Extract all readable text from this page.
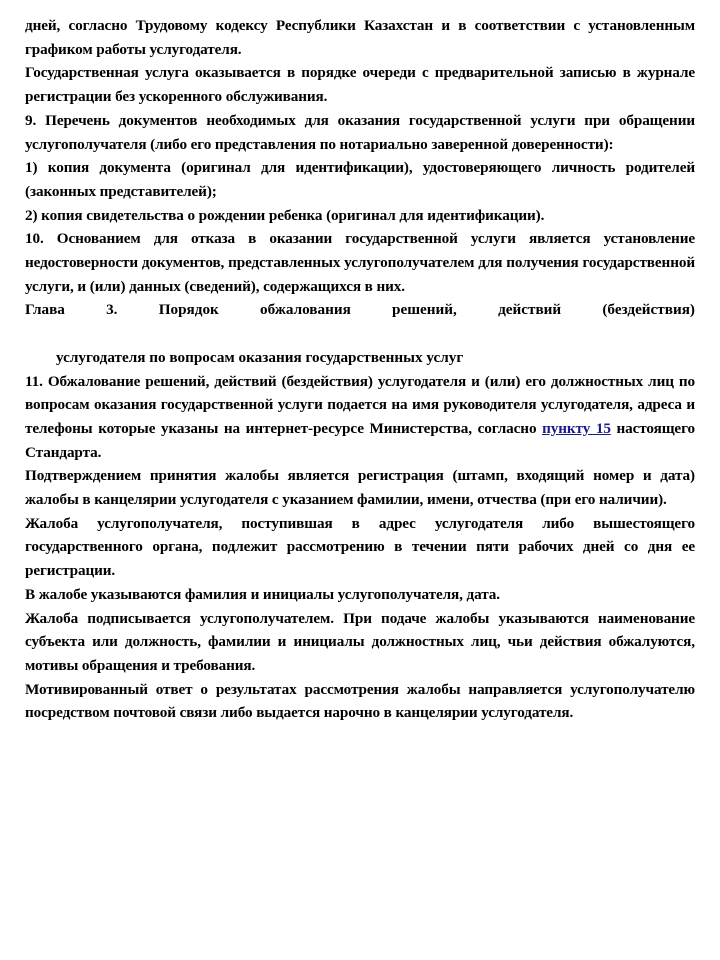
дней, согласно Трудовому кодексу Республики Казахстан и в соответствии с установленным графиком работы услугодателя.

Государственная услуга оказывается в порядке очереди с предварительной записью в журнале регистрации без ускоренного обслуживания.

9. Перечень документов необходимых для оказания государственной услуги при обращении услугополучателя (либо его представления по нотариально заверенной доверенности):

1) копия документа (оригинал для идентификации), удостоверяющего личность родителей (законных представителей);

2) копия свидетельства о рождении ребенка (оригинал для идентификации).

10. Основанием для отказа в оказании государственной услуги является установление недостоверности документов, представленных услугополучателем для получения государственной услуги, и (или) данных (сведений), содержащихся в них.

Глава 3. Порядок обжалования решений, действий (бездействия)
услугодателя по вопросам оказания государственных услуг

11. Обжалование решений, действий (бездействия) услугодателя и (или) его должностных лиц по вопросам оказания государственной услуги подается на имя руководителя услугодателя, адреса и телефоны которые указаны на интернет-ресурсе Министерства, согласно пункту 15 настоящего Стандарта.

Подтверждением принятия жалобы является регистрация (штамп, входящий номер и дата) жалобы в канцелярии услугодателя с указанием фамилии, имени, отчества (при его наличии).

Жалоба услугополучателя, поступившая в адрес услугодателя либо вышестоящего государственного органа, подлежит рассмотрению в течении пяти рабочих дней со дня ее регистрации.

В жалобе указываются фамилия и инициалы услугополучателя, дата.

Жалоба подписывается услугополучателем. При подаче жалобы указываются наименование субъекта или должность, фамилии и инициалы должностных лиц, чьи действия обжалуются, мотивы обращения и требования.

Мотивированный ответ о результатах рассмотрения жалобы направляется услугополучателю посредством почтовой связи либо выдается нарочно в канцелярии услугодателя.
